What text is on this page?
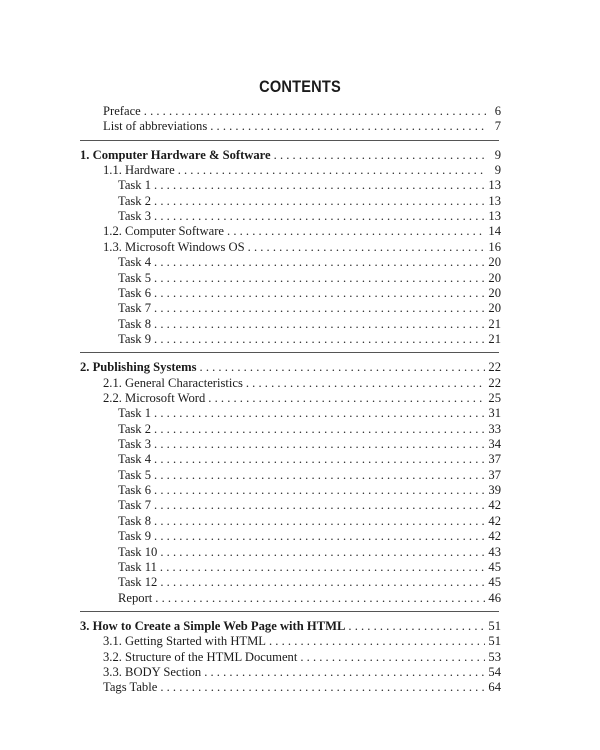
CONTENTS
Preface . . .	6
List of abbreviations . . .	7
1. Computer Hardware & Software . . .	9
1.1. Hardware . . .	9
Task 1 . . .	13
Task 2 . . .	13
Task 3 . . .	13
1.2. Computer Software . . .	14
1.3. Microsoft Windows OS . . .	16
Task 4 . . .	20
Task 5 . . .	20
Task 6 . . .	20
Task 7 . . .	20
Task 8 . . .	21
Task 9 . . .	21
2. Publishing Systems . . .	22
2.1. General Characteristics . . .	22
2.2. Microsoft Word . . .	25
Task 1 . . .	31
Task 2 . . .	33
Task 3 . . .	34
Task 4 . . .	37
Task 5 . . .	37
Task 6 . . .	39
Task 7 . . .	42
Task 8 . . .	42
Task 9 . . .	42
Task 10 . . .	43
Task 11 . . .	45
Task 12 . . .	45
Report . . .	46
3. How to Create a Simple Web Page with HTML . . .	51
3.1. Getting Started with HTML . . .	51
3.2. Structure of the HTML Document . . .	53
3.3. BODY Section . . .	54
Tags Table . . .	64
